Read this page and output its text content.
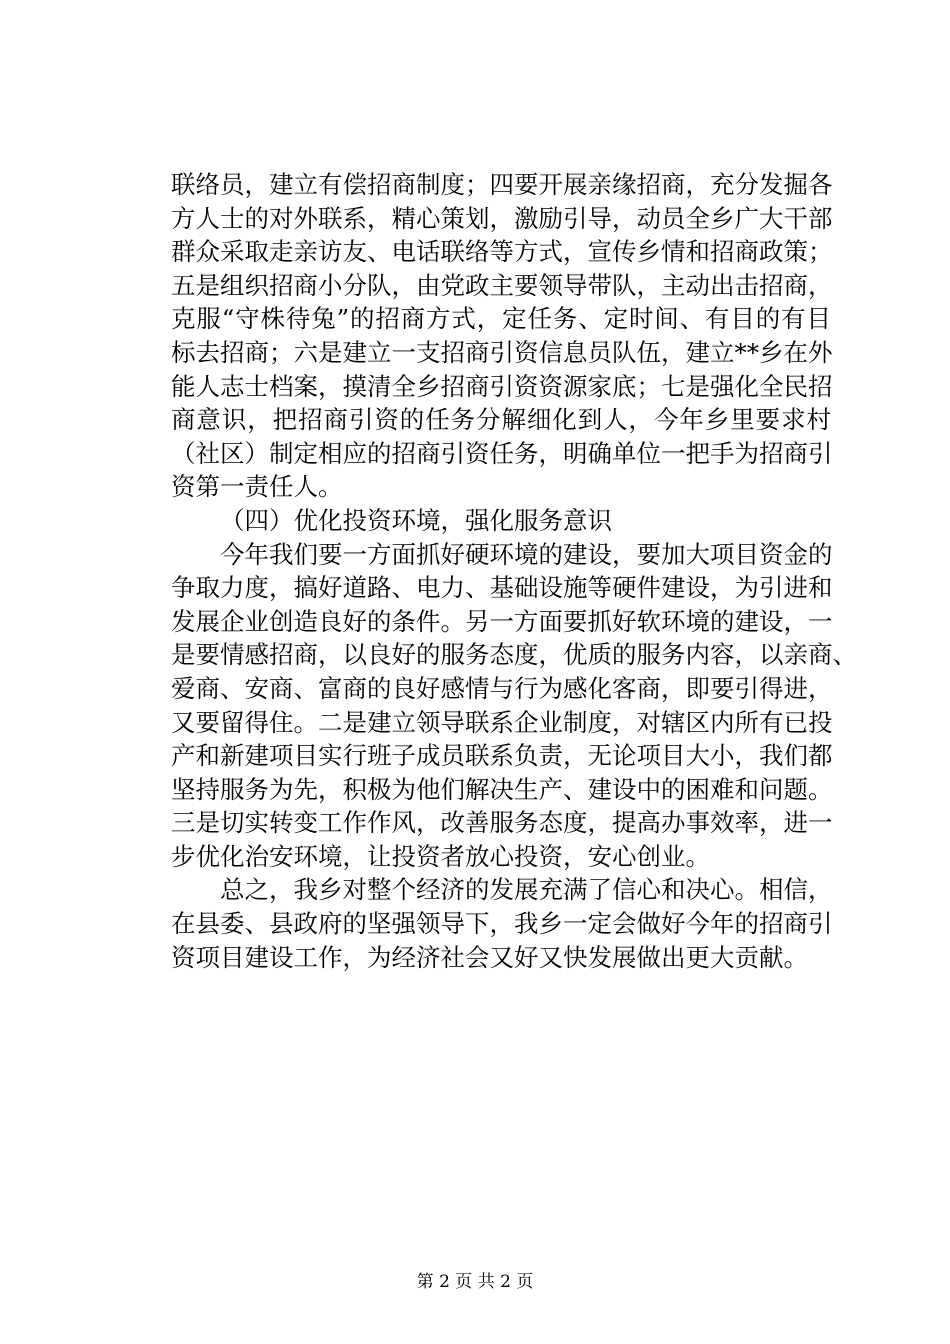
联络员，建立有偿招商制度；四要开展亲缘招商，充分发掘各
方人士的对外联系，精心策划，激励引导，动员全乡广大干部
群众采取走亲访友、电话联络等方式，宣传乡情和招商政策；
五是组织招商小分队，由党政主要领导带队，主动出击招商，
克服“守株待兔”的招商方式，定任务、定时间、有目的有目
标去招商；六是建立一支招商引资信息员队伍，建立**乡在外
能人志士档案，摸清全乡招商引资资源家底；七是强化全民招
商意识，把招商引资的任务分解细化到人，今年乡里要求村
（社区）制定相应的招商引资任务，明确单位一把手为招商引
资第一责任人。
（四）优化投资环境，强化服务意识
今年我们要一方面抓好硬环境的建设，要加大项目资金的
争取力度，搞好道路、电力、基础设施等硬件建设，为引进和
发展企业创造良好的条件。另一方面要抓好软环境的建设，一
是要情感招商，以良好的服务态度，优质的服务内容，以亲商、
爱商、安商、富商的良好感情与行为感化客商，即要引得进，
又要留得住。二是建立领导联系企业制度，对辖区内所有已投
产和新建项目实行班子成员联系负责，无论项目大小，我们都
坚持服务为先，积极为他们解决生产、建设中的困难和问题。
三是切实转变工作作风，改善服务态度，提高办事效率，进一
步优化治安环境，让投资者放心投资，安心创业。
总之，我乡对整个经济的发展充满了信心和决心。相信，
在县委、县政府的坚强领导下，我乡一定会做好今年的招商引
资项目建设工作，为经济社会又好又快发展做出更大贡献。
第 2 页 共 2 页
